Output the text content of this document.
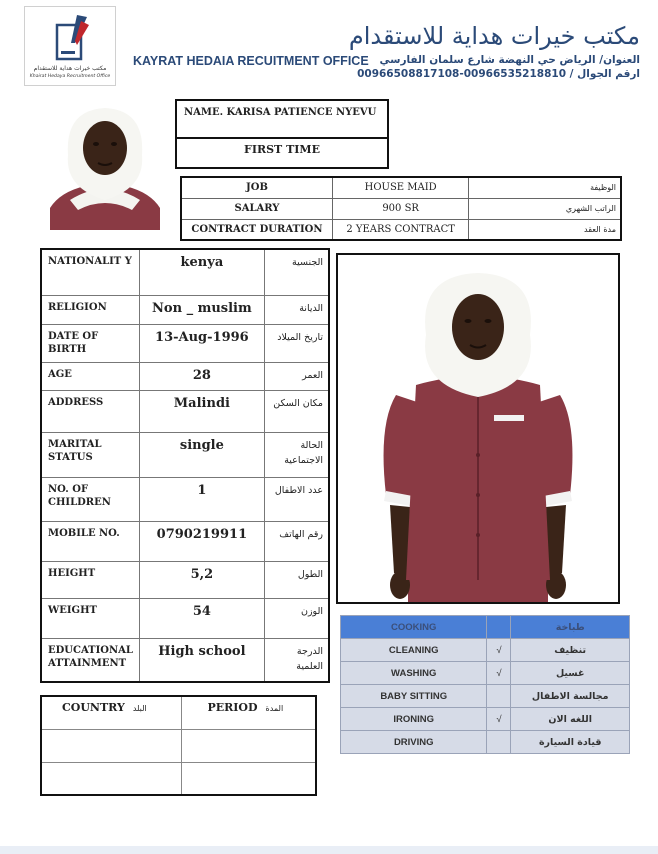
مكتب خيرات هداية للاستقدام
Khairat Hedaya Recruitment Office
KAYRAT HEDAIA RECUITMENT OFFICE
مكتب خيرات هداية للاستقدام
العنوان/ الرياض حي النهضة شارع سلمان الفارسي
ارقم الجوال / 00966535218810-00966508817108
NAME. KARISA PATIENCE NYEVU
FIRST TIME
JOB	HOUSE MAID	الوظيفة
SALARY	900 SR	الراتب الشهري
CONTRACT DURATION	2 YEARS CONTRACT	مدة العقد
NATIONALIT Y	kenya	الجنسية
RELIGION	Non _ muslim	الديانة
DATE OF BIRTH	13-Aug-1996	تاريخ الميلاد
AGE	28	العمر
ADDRESS	Malindi	مكان السكن
MARITAL STATUS	single	الحالة الاجتماعية
NO. OF CHILDREN	1	عدد الاطفال
MOBILE NO.	0790219911	رقم الهاتف
HEIGHT	5,2	الطول
WEIGHT	54	الوزن
EDUCATIONAL ATTAINMENT	High school	الدرجة العلمية
COOKING		طباخة
CLEANING	√	تنظيف
WASHING	√	غسيل
BABY SITTING		مجالسة الاطفال
IRONING	√	اللغه الان
DRIVING		قيادة السيارة
COUNTRY البلد	PERIOD المدة
